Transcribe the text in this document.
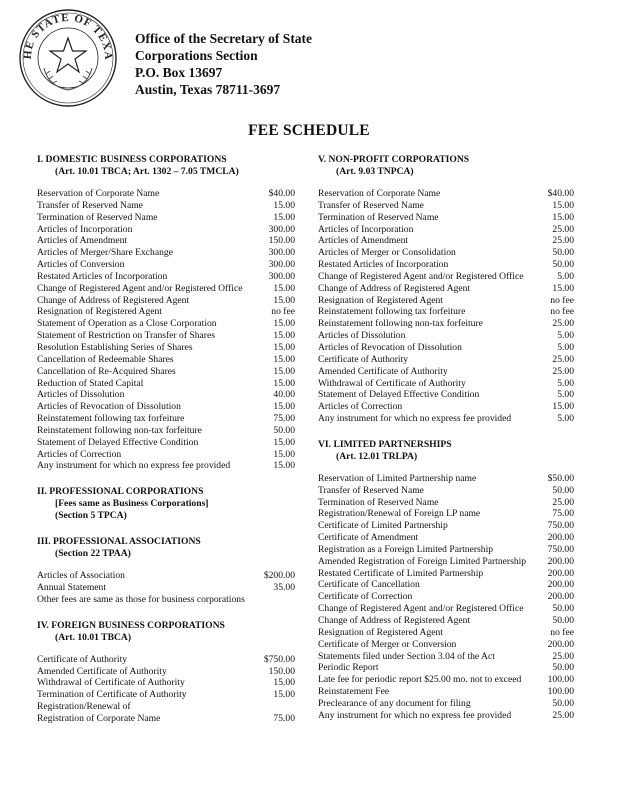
HE STATE OF TEXA
Office of the Secretary of State
Corporations Section
P.O. Box 13697
Austin, Texas 78711-3697
FEE SCHEDULE
I. DOMESTIC BUSINESS CORPORATIONS
(Art. 10.01 TBCA; Art. 1302 – 7.05 TMCLA)
Reservation of Corporate Name	$40.00
Transfer of Reserved Name	15.00
Termination of Reserved Name	15.00
Articles of Incorporation	300.00
Articles of Amendment	150.00
Articles of Merger/Share Exchange	300.00
Articles of Conversion	300.00
Restated Articles of Incorporation	300.00
Change of Registered Agent and/or Registered Office	15.00
Change of Address of Registered Agent	15.00
Resignation of Registered Agent	no fee
Statement of Operation as a Close Corporation	15.00
Statement of Restriction on Transfer of Shares	15.00
Resolution Establishing Series of Shares	15.00
Cancellation of Redeemable Shares	15.00
Cancellation of Re-Acquired Shares	15.00
Reduction of Stated Capital	15.00
Articles of Dissolution	40.00
Articles of Revocation of Dissolution	15.00
Reinstatement following tax forfeiture	75.00
Reinstatement following non-tax forfeiture	50.00
Statement of Delayed Effective Condition	15.00
Articles of Correction	15.00
Any instrument for which no express fee provided	15.00
II. PROFESSIONAL CORPORATIONS
[Fees same as Business Corporations]
(Section 5 TPCA)
III. PROFESSIONAL ASSOCIATIONS
(Section 22 TPAA)
Articles of Association	$200.00
Annual Statement	35.00
Other fees are same as those for business corporations
IV. FOREIGN BUSINESS CORPORATIONS
(Art. 10.01 TBCA)
Certificate of Authority	$750.00
Amended Certificate of Authority	150.00
Withdrawal of Certificate of Authority	15.00
Termination of Certificate of Authority	15.00
Registration/Renewal of
Registration of Corporate Name	75.00
V. NON-PROFIT CORPORATIONS
(Art. 9.03 TNPCA)
Reservation of Corporate Name	$40.00
Transfer of Reserved Name	15.00
Termination of Reserved Name	15.00
Articles of Incorporation	25.00
Articles of Amendment	25.00
Articles of Merger or Consolidation	50.00
Restated Articles of Incorporation	50.00
Change of Registered Agent and/or Registered Office	5.00
Change of Address of Registered Agent	15.00
Resignation of Registered Agent	no fee
Reinstatement following tax forfeiture	no fee
Reinstatement following non-tax forfeiture	25.00
Articles of Dissolution	5.00
Articles of Revocation of Dissolution	5.00
Certificate of Authority	25.00
Amended Certificate of Authority	25.00
Withdrawal of Certificate of Authority	5.00
Statement of Delayed Effective Condition	5.00
Articles of Correction	15.00
Any instrument for which no express fee provided	5.00
VI. LIMITED PARTNERSHIPS
(Art. 12.01 TRLPA)
Reservation of Limited Partnership name	$50.00
Transfer of Reserved Name	50.00
Termination of Reserved Name	25.00
Registration/Renewal of Foreign LP name	75.00
Certificate of Limited Partnership	750.00
Certificate of Amendment	200.00
Registration as a Foreign Limited Partnership	750.00
Amended Registration of Foreign Limited Partnership	200.00
Restated Certificate of Limited Partnership	200.00
Certificate of Cancellation	200.00
Certificate of Correction	200.00
Change of Registered Agent and/or Registered Office	50.00
Change of Address of Registered Agent	50.00
Resignation of Registered Agent	no fee
Certificate of Merger or Conversion	200.00
Statements filed under Section 3.04 of the Act	25.00
Periodic Report	50.00
Late fee for periodic report $25.00 mo. not to exceed	100.00
Reinstatement Fee	100.00
Preclearance of any document for filing	50.00
Any instrument for which no express fee provided	25.00
